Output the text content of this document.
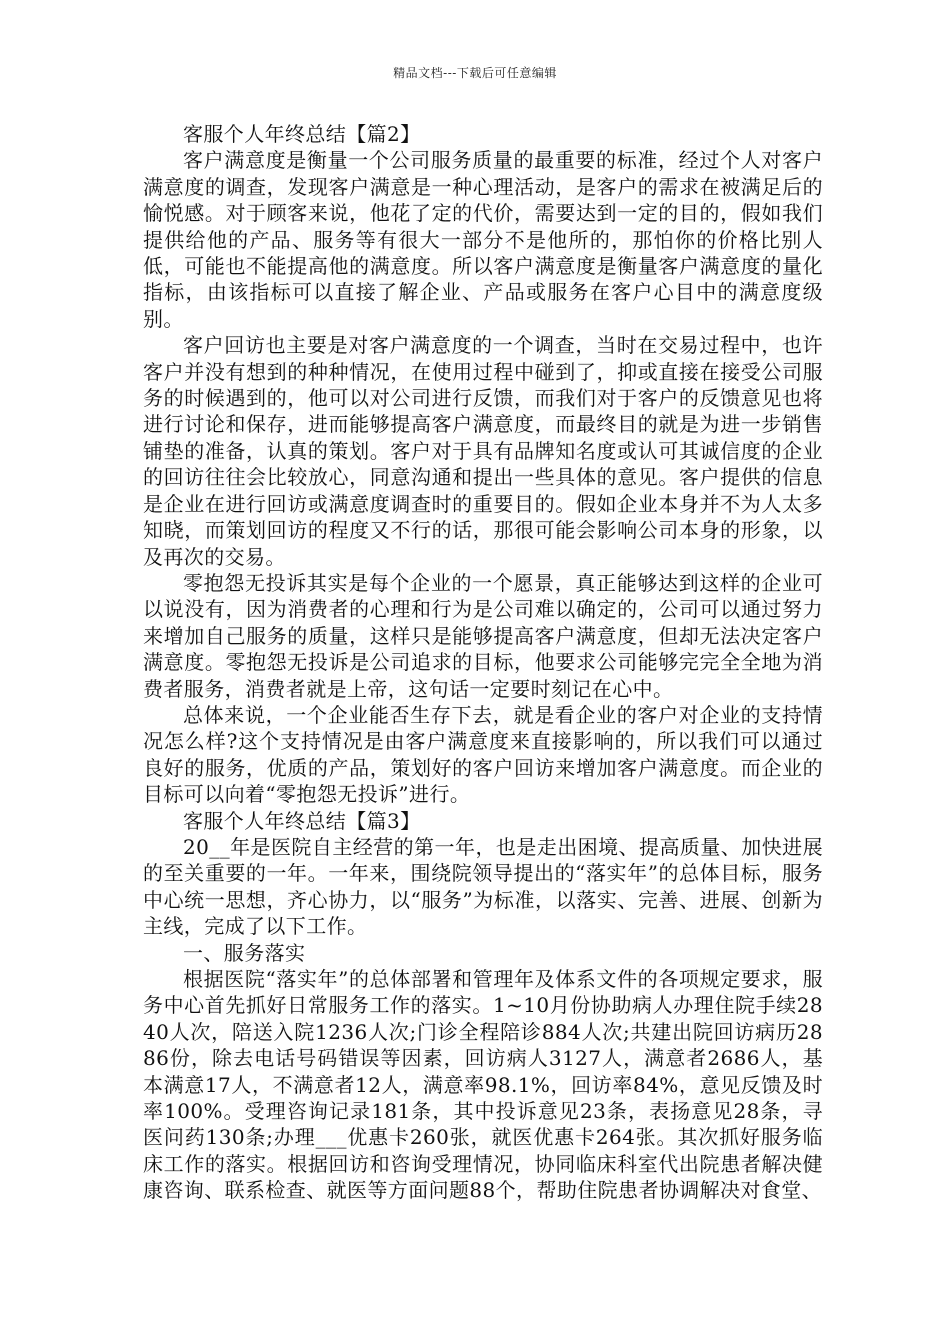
精品文档---下载后可任意编辑

客服个人年终总结【篇2】

客户满意度是衡量一个公司服务质量的最重要的标准，经过个人对客户满意度的调查，发现客户满意是一种心理活动，是客户的需求在被满足后的愉悦感。对于顾客来说，他花了定的代价，需要达到一定的目的，假如我们提供给他的产品、服务等有很大一部分不是他所的，那怕你的价格比别人低，可能也不能提高他的满意度。所以客户满意度是衡量客户满意度的量化指标，由该指标可以直接了解企业、产品或服务在客户心目中的满意度级别。

客户回访也主要是对客户满意度的一个调查，当时在交易过程中，也许客户并没有想到的种种情况，在使用过程中碰到了，抑或直接在接受公司服务的时候遇到的，他可以对公司进行反馈，而我们对于客户的反馈意见也将进行讨论和保存，进而能够提高客户满意度，而最终目的就是为进一步销售铺垫的准备，认真的策划。客户对于具有品牌知名度或认可其诚信度的企业的回访往往会比较放心，同意沟通和提出一些具体的意见。客户提供的信息是企业在进行回访或满意度调查时的重要目的。假如企业本身并不为人太多知晓，而策划回访的程度又不行的话，那很可能会影响公司本身的形象，以及再次的交易。

零抱怨无投诉其实是每个企业的一个愿景，真正能够达到这样的企业可以说没有，因为消费者的心理和行为是公司难以确定的，公司可以通过努力来增加自己服务的质量，这样只是能够提高客户满意度，但却无法决定客户满意度。零抱怨无投诉是公司追求的目标，他要求公司能够完完全全地为消费者服务，消费者就是上帝，这句话一定要时刻记在心中。

总体来说，一个企业能否生存下去，就是看企业的客户对企业的支持情况怎么样?这个支持情况是由客户满意度来直接影响的，所以我们可以通过良好的服务，优质的产品，策划好的客户回访来增加客户满意度。而企业的目标可以向着“零抱怨无投诉”进行。

客服个人年终总结【篇3】

20__年是医院自主经营的第一年，也是走出困境、提高质量、加快进展的至关重要的一年。一年来，围绕院领导提出的“落实年”的总体目标，服务中心统一思想，齐心协力，以“服务”为标准，以落实、完善、进展、创新为主线，完成了以下工作。

一、服务落实

根据医院“落实年”的总体部署和管理年及体系文件的各项规定要求，服务中心首先抓好日常服务工作的落实。1~10月份协助病人办理住院手续2840人次，陪送入院1236人次;门诊全程陪诊884人次;共建出院回访病历2886份，除去电话号码错误等因素，回访病人3127人，满意者2686人，基本满意17人，不满意者12人，满意率98.1%，回访率84%，意见反馈及时率100%。受理咨询记录181条，其中投诉意见23条，表扬意见28条，寻医问药130条;办理___优惠卡260张，就医优惠卡264张。其次抓好服务临床工作的落实。根据回访和咨询受理情况，协同临床科室代出院患者解决健康咨询、联系检查、就医等方面问题88个，帮助住院患者协调解决对食堂、
